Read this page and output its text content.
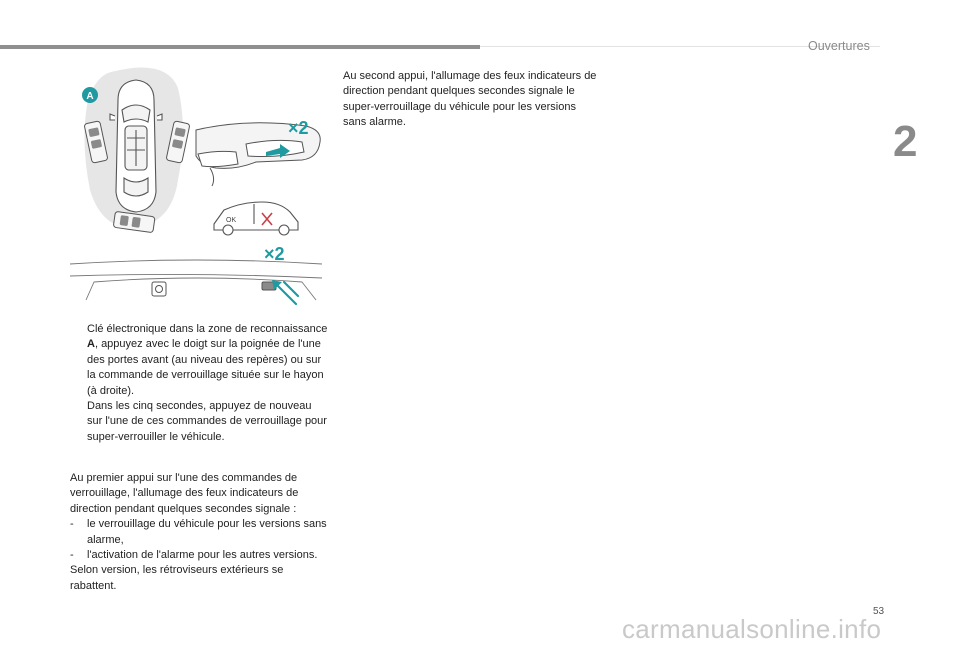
Ouvertures
2
A
×2
OK
×2

Clé électronique dans la zone de reconnaissance A, appuyez avec le doigt sur la poignée de l'une des portes avant (au niveau des repères) ou sur la commande de verrouillage située sur le hayon (à droite).

Dans les cinq secondes, appuyez de nouveau sur l'une de ces commandes de verrouillage pour super-verrouiller le véhicule.

Au premier appui sur l'une des commandes de verrouillage, l'allumage des feux indicateurs de direction pendant quelques secondes signale :

- le verrouillage du véhicule pour les versions sans alarme,
- l'activation de l'alarme pour les autres versions.

Selon version, les rétroviseurs extérieurs se rabattent.

Au second appui, l'allumage des feux indicateurs de direction pendant quelques secondes signale le super-verrouillage du véhicule pour les versions sans alarme.

53
carmanualsonline.info
